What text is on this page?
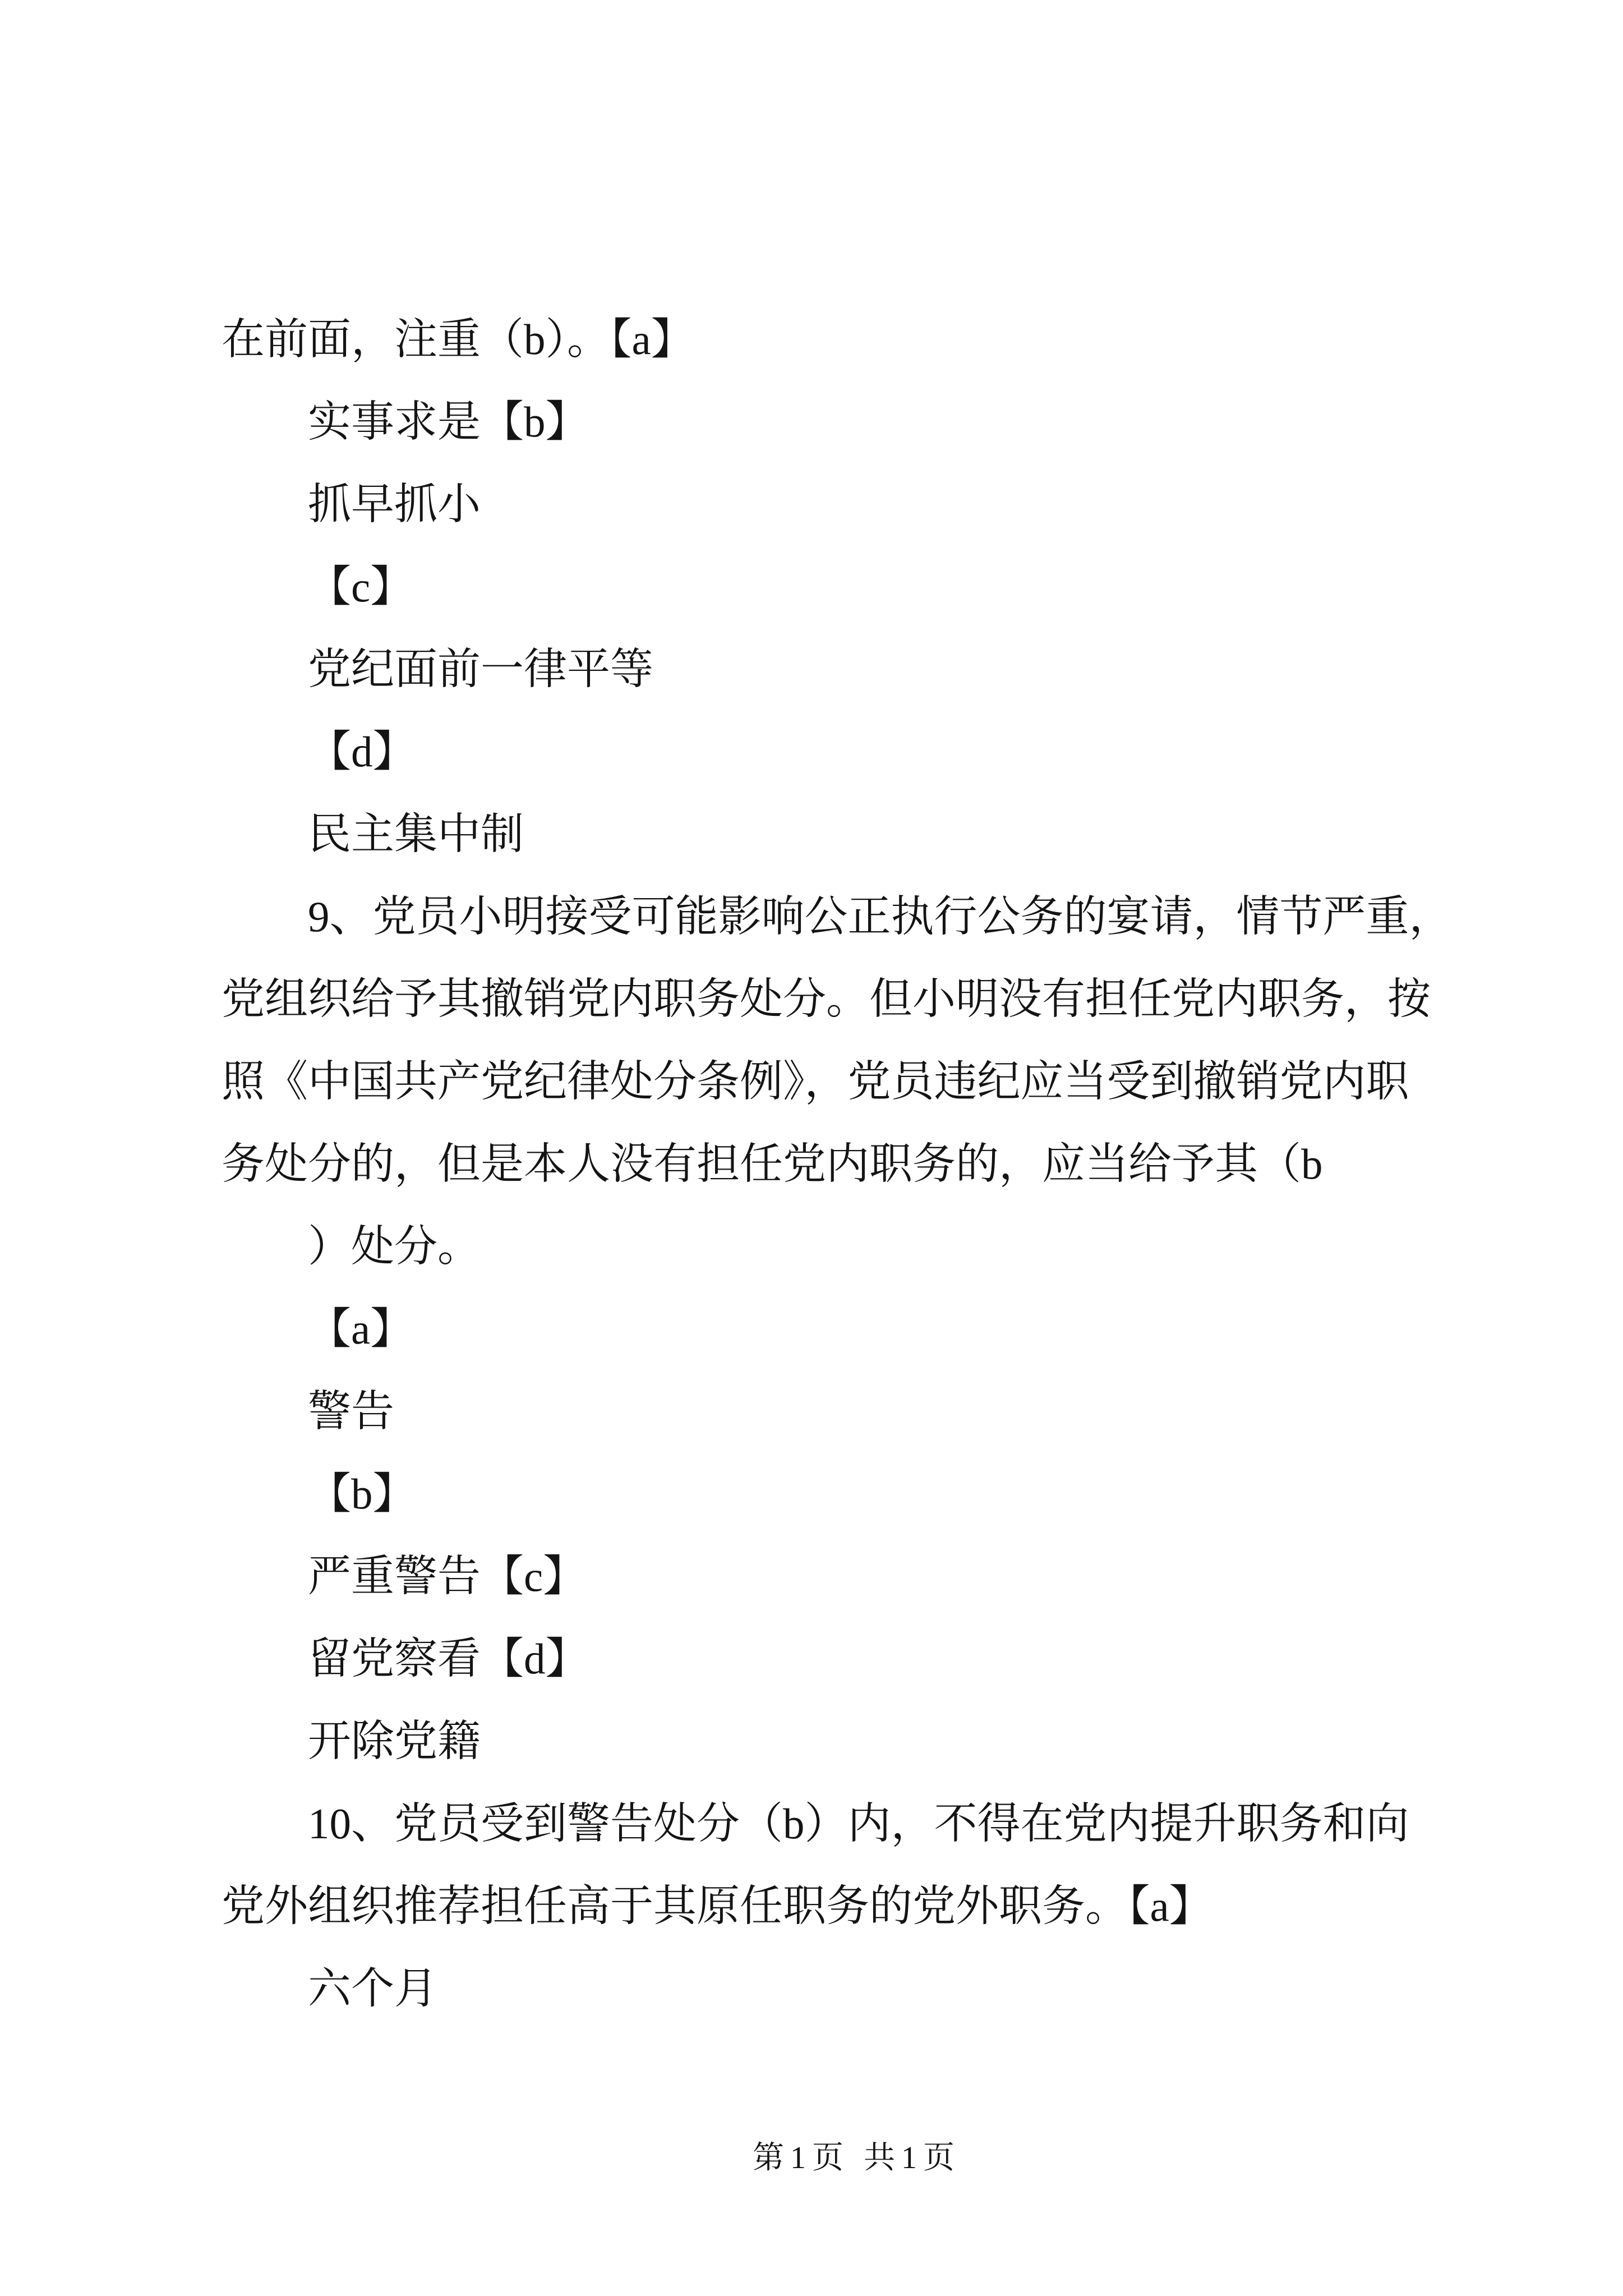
在前面，注重（b）。【a】
实事求是【b】
抓早抓小
【c】
党纪面前一律平等
【d】
民主集中制
9、党员小明接受可能影响公正执行公务的宴请，情节严重，
党组织给予其撤销党内职务处分。但小明没有担任党内职务，按
照《中国共产党纪律处分条例》，党员违纪应当受到撤销党内职
务处分的，但是本人没有担任党内职务的，应当给予其（b
）处分。
【a】
警告
【b】
严重警告【c】
留党察看【d】
开除党籍
10、党员受到警告处分（b）内，不得在党内提升职务和向
党外组织推荐担任高于其原任职务的党外职务。【a】
六个月
第1页 共1页
